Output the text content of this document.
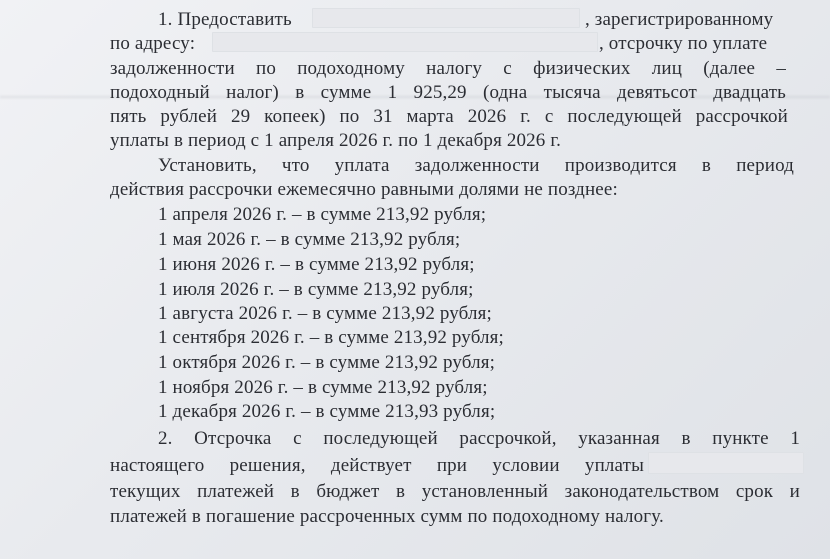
1. Предоставить	, зарегистрированному
по адресу:	, отсрочку по уплате
задолженности по подоходному налогу с физических лиц (далее –
подоходный налог) в сумме 1 925,29 (одна тысяча девятьсот двадцать
пять рублей 29 копеек) по 31 марта 2026 г. с последующей рассрочкой
уплаты в период с 1 апреля 2026 г. по 1 декабря 2026 г.
Установить, что уплата задолженности производится в период
действия рассрочки ежемесячно равными долями не позднее:
1 апреля 2026 г. – в сумме 213,92 рубля;
1 мая 2026 г. – в сумме 213,92 рубля;
1 июня 2026 г. – в сумме 213,92 рубля;
1 июля 2026 г. – в сумме 213,92 рубля;
1 августа 2026 г. – в сумме 213,92 рубля;
1 сентября 2026 г. – в сумме 213,92 рубля;
1 октября 2026 г. – в сумме 213,92 рубля;
1 ноября 2026 г. – в сумме 213,92 рубля;
1 декабря 2026 г. – в сумме 213,93 рубля;
2. Отсрочка с последующей рассрочкой, указанная в пункте 1
настоящего решения, действует при условии уплаты
текущих платежей в бюджет в установленный законодательством срок и
платежей в погашение рассроченных сумм по подоходному налогу.
